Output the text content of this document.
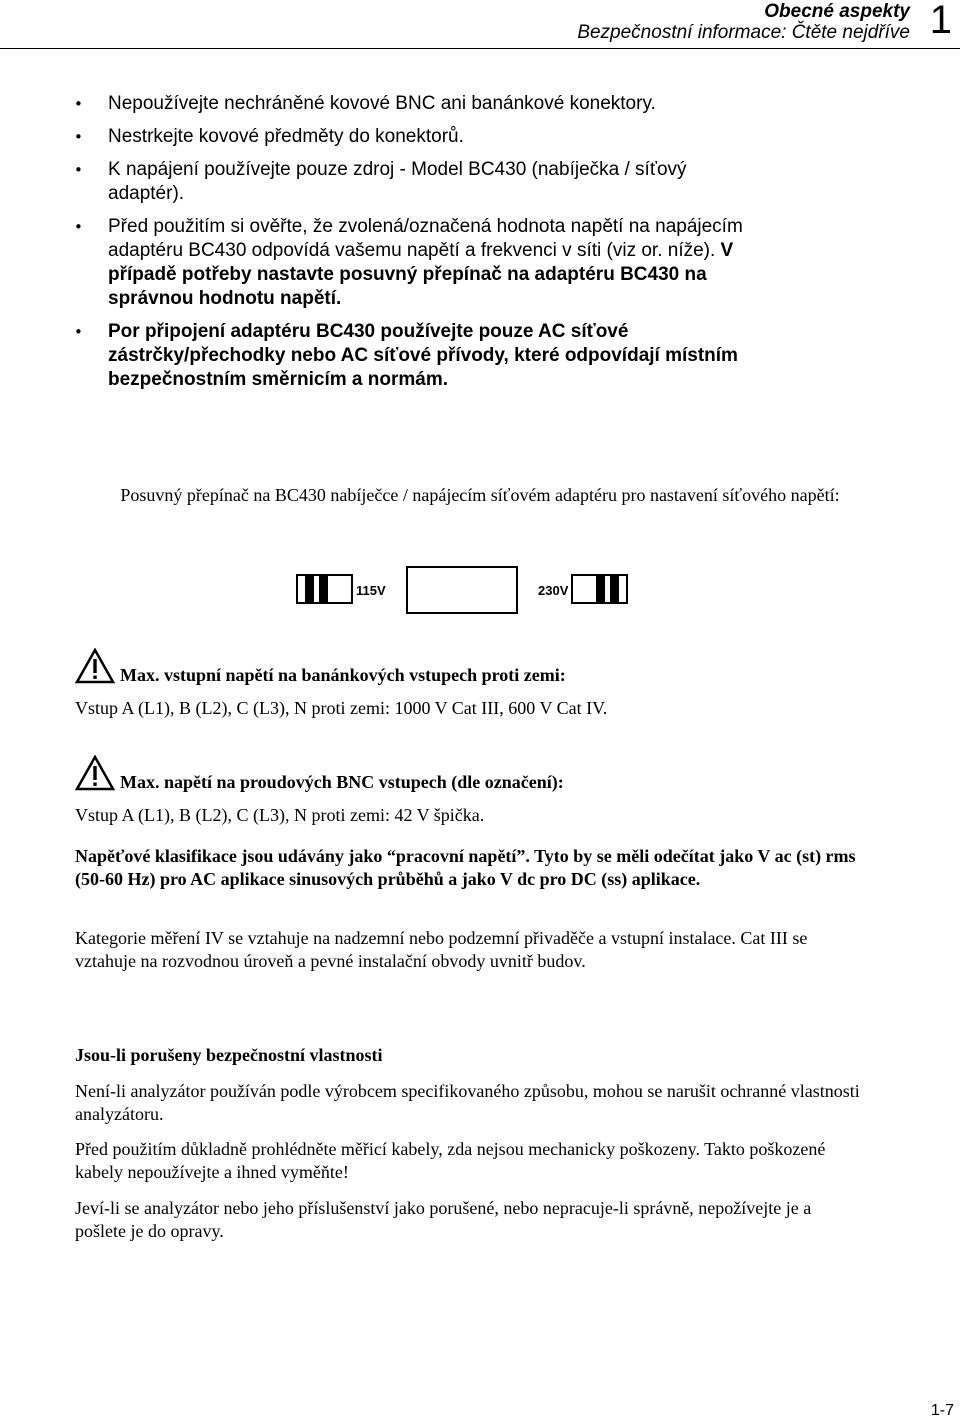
Obecné aspekty
Bezpečnostní informace: Čtěte nejdříve 1
• Nepoužívejte nechráněné kovové BNC ani banánkové konektory.
• Nestrkejte kovové předměty do konektorů.
• K napájení používejte pouze zdroj - Model BC430 (nabíječka / síťový adaptér).
• Před použitím si ověřte, že zvolená/označená hodnota napětí na napájecím adaptéru BC430 odpovídá vašemu napětí a frekvenci v síti (viz or. níže). V případě potřeby nastavte posuvný přepínač na adaptéru BC430 na správnou hodnotu napětí.
• Por připojení adaptéru BC430 používejte pouze AC síťové zástrčky/přechodky nebo AC síťové přívody, které odpovídají místním bezpečnostním směrnicím a normám.
Posuvný přepínač na BC430 nabíječce / napájecím síťovém adaptéru pro nastavení síťového napětí:
115V	230V
Max. vstupní napětí na banánkových vstupech proti zemi:
Vstup A (L1), B (L2), C (L3), N proti zemi: 1000 V Cat III, 600 V Cat IV.
Max. napětí na proudových BNC vstupech (dle označení):
Vstup A (L1), B (L2), C (L3), N proti zemi: 42 V špička.

Napěťové klasifikace jsou udávány jako “pracovní napětí”. Tyto by se měli odečítat jako V ac (st) rms (50-60 Hz) pro AC aplikace sinusových průběhů a jako V dc pro DC (ss) aplikace.

Kategorie měření IV se vztahuje na nadzemní nebo podzemní přivaděče a vstupní instalace. Cat III se vztahuje na rozvodnou úroveň a pevné instalační obvody uvnitř budov.

Jsou-li porušeny bezpečnostní vlastnosti

Není-li analyzátor používán podle výrobcem specifikovaného způsobu, mohou se narušit ochranné vlastnosti analyzátoru.

Před použitím důkladně prohlédněte měřicí kabely, zda nejsou mechanicky poškozeny. Takto poškozené kabely nepoužívejte a ihned vyměňte!

Jeví-li se analyzátor nebo jeho příslušenství jako porušené, nebo nepracuje-li správně, nepožívejte je a pošlete je do opravy.

1-7
